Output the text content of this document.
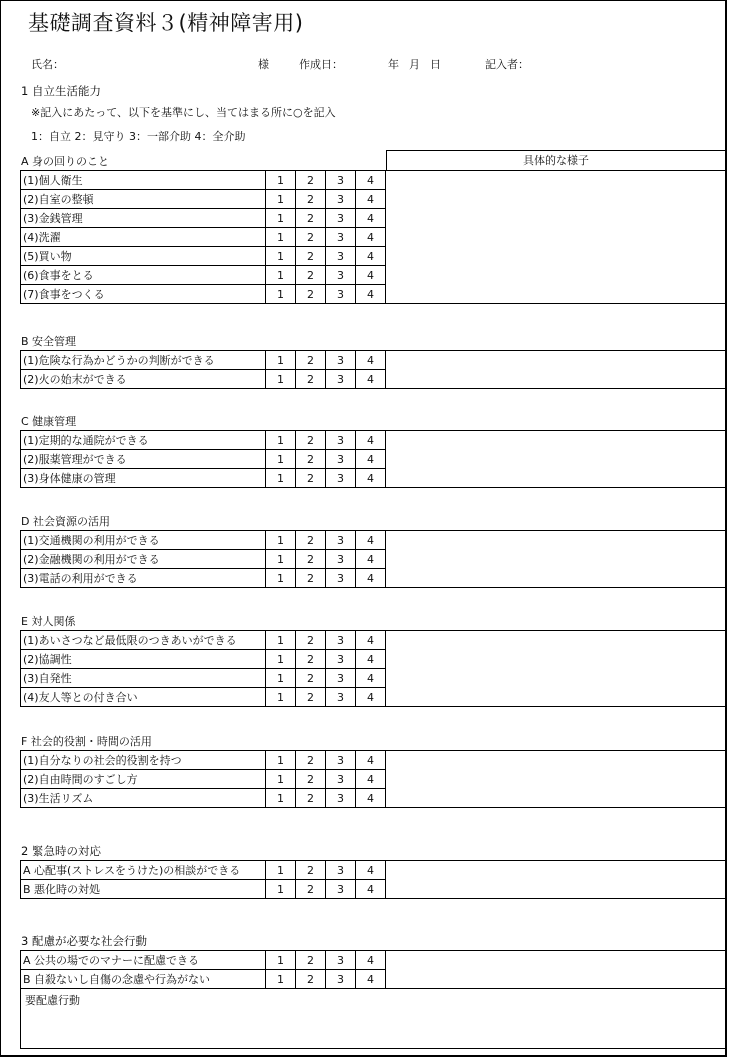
基礎調査資料３(精神障害用)
氏名：	様	作成日：	年 月 日	記入者：
1 自立生活能力
※記入にあたって、以下を基準にし、当てはまる所に○を記入
1：自立 2：見守り 3：一部介助 4：全介助
具体的な様子
A 身の回りのこと
(1)個人衛生	1	2	3	4	
(2)自室の整頓	1	2	3	4	
(3)金銭管理	1	2	3	4	
(4)洗濯	1	2	3	4	
(5)買い物	1	2	3	4	
(6)食事をとる	1	2	3	4	
(7)食事をつくる	1	2	3	4	
B 安全管理
(1)危険な行為かどうかの判断ができる	1	2	3	4	
(2)火の始末ができる	1	2	3	4	
C 健康管理
(1)定期的な通院ができる	1	2	3	4	
(2)服薬管理ができる	1	2	3	4	
(3)身体健康の管理	1	2	3	4	
D 社会資源の活用
(1)交通機関の利用ができる	1	2	3	4	
(2)金融機関の利用ができる	1	2	3	4	
(3)電話の利用ができる	1	2	3	4	
E 対人関係
(1)あいさつなど最低限のつきあいができる	1	2	3	4	
(2)協調性	1	2	3	4	
(3)自発性	1	2	3	4	
(4)友人等との付き合い	1	2	3	4	
F 社会的役割・時間の活用
(1)自分なりの社会的役割を持つ	1	2	3	4	
(2)自由時間のすごし方	1	2	3	4	
(3)生活リズム	1	2	3	4	
A 心配事(ストレスをうけた)の相談ができる	1	2	3	4	
B 悪化時の対処	1	2	3	4	
A 公共の場でのマナーに配慮できる	1	2	3	4	
B 自殺ないし自傷の念慮や行為がない	1	2	3	4	
要配慮行動					
2 緊急時の対応
3 配慮が必要な社会行動
